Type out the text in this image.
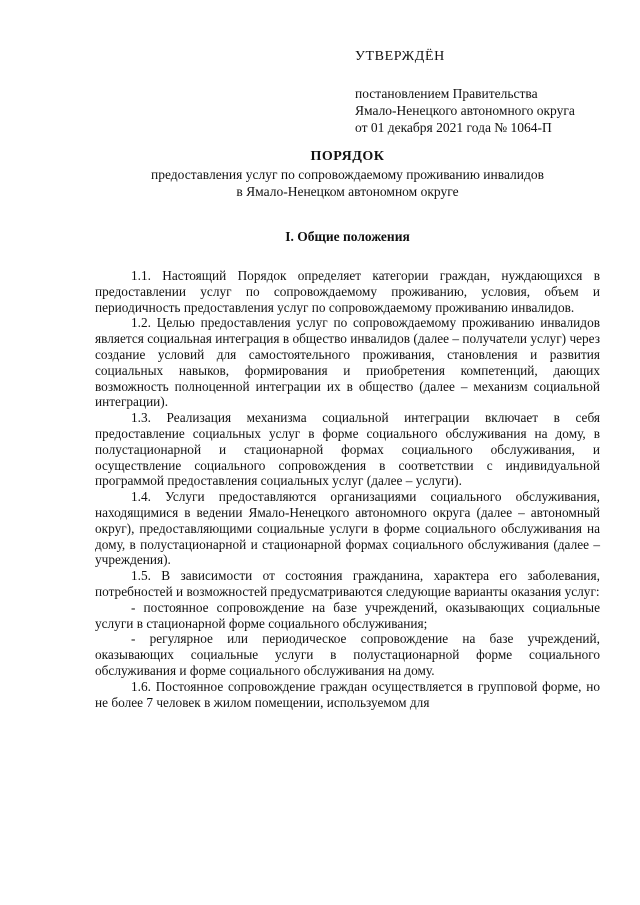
УТВЕРЖДЁН
постановлением Правительства
Ямало-Ненецкого автономного округа
от 01 декабря 2021 года № 1064-П
ПОРЯДОК
предоставления услуг по сопровождаемому проживанию инвалидов
в Ямало-Ненецком автономном округе
I. Общие положения

1.1. Настоящий Порядок определяет категории граждан, нуждающихся в предоставлении услуг по сопровождаемому проживанию, условия, объем и периодичность предоставления услуг по сопровождаемому проживанию инвалидов.

1.2. Целью предоставления услуг по сопровождаемому проживанию инвалидов является социальная интеграция в общество инвалидов (далее – получатели услуг) через создание условий для самостоятельного проживания, становления и развития социальных навыков, формирования и приобретения компетенций, дающих возможность полноценной интеграции их в общество (далее – механизм социальной интеграции).

1.3. Реализация механизма социальной интеграции включает в себя предоставление социальных услуг в форме социального обслуживания на дому, в полустационарной и стационарной формах социального обслуживания, и осуществление социального сопровождения в соответствии с индивидуальной программой предоставления социальных услуг (далее – услуги).

1.4. Услуги предоставляются организациями социального обслуживания, находящимися в ведении Ямало-Ненецкого автономного округа (далее – автономный округ), предоставляющими социальные услуги в форме социального обслуживания на дому, в полустационарной и стационарной формах социального обслуживания (далее – учреждения).

1.5. В зависимости от состояния гражданина, характера его заболевания, потребностей и возможностей предусматриваются следующие варианты оказания услуг:

- постоянное сопровождение на базе учреждений, оказывающих социальные услуги в стационарной форме социального обслуживания;

- регулярное или периодическое сопровождение на базе учреждений, оказывающих социальные услуги в полустационарной форме социального обслуживания и форме социального обслуживания на дому.

1.6. Постоянное сопровождение граждан осуществляется в групповой форме, но не более 7 человек в жилом помещении, используемом для
